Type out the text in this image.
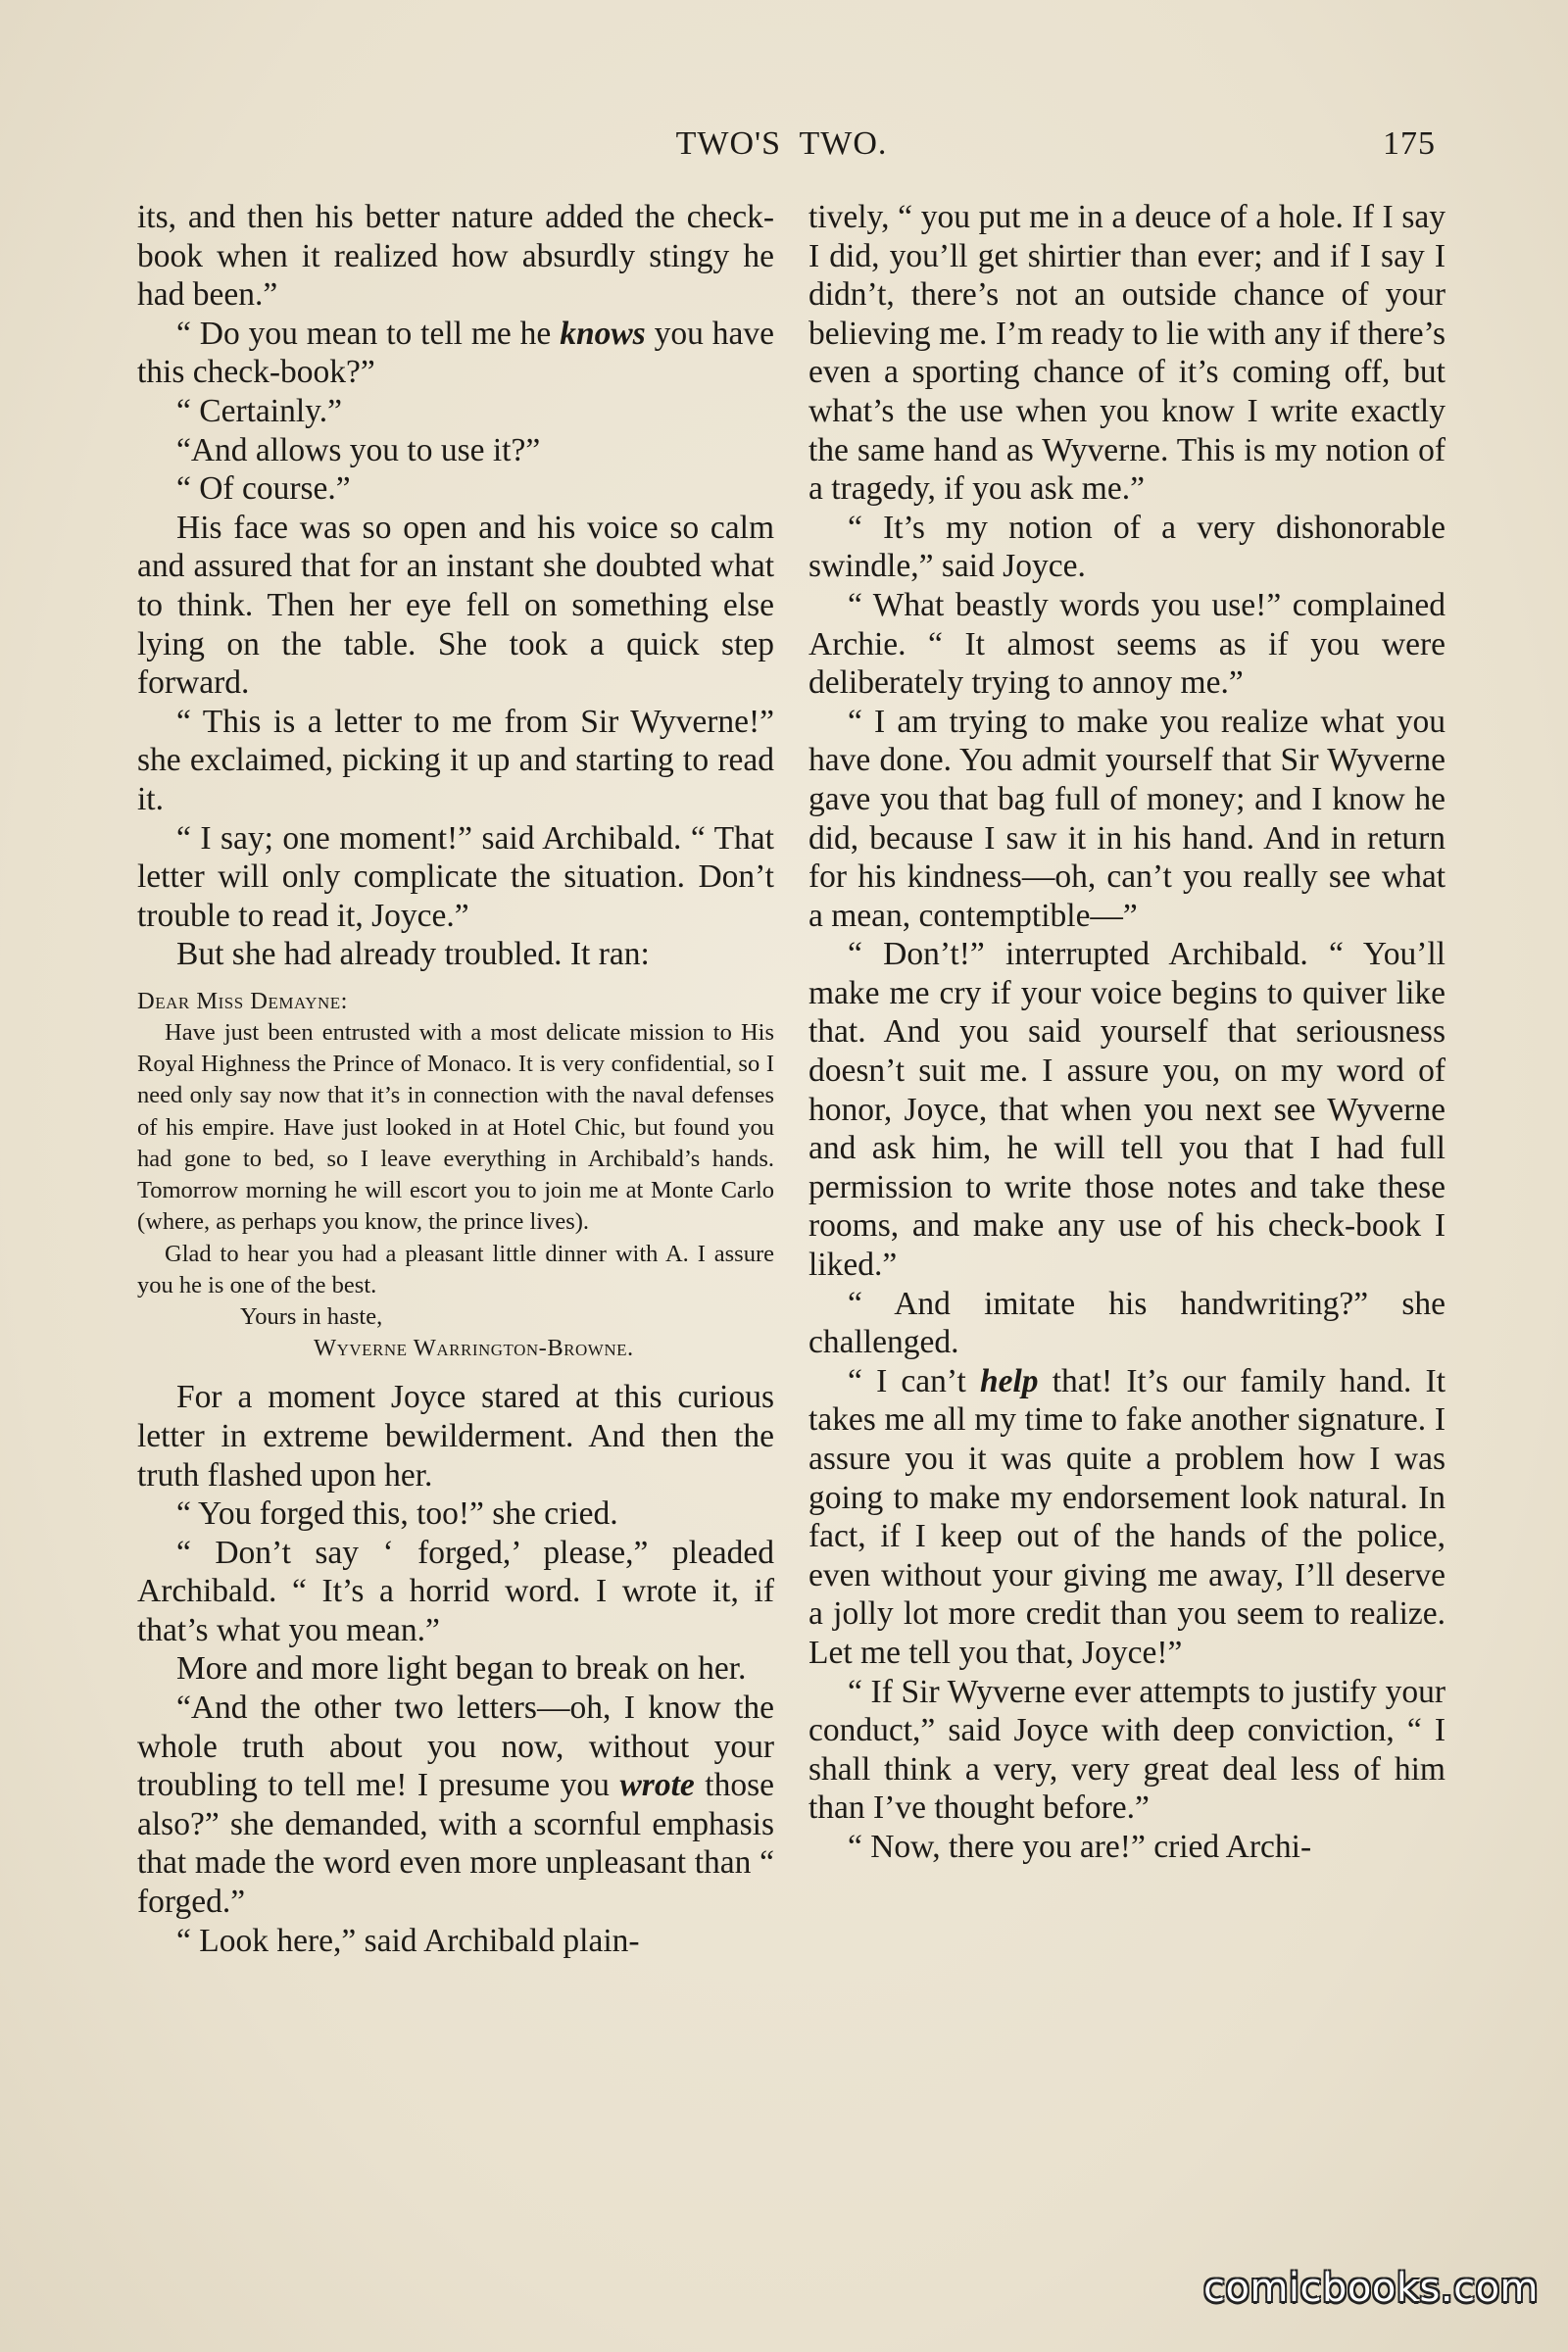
TWO'S  TWO.	175

its, and then his better nature added the check-book when it realized how absurdly stingy he had been.”

“ Do you mean to tell me he knows you have this check-book?”

“ Certainly.”

“And allows you to use it?”

“ Of course.”

His face was so open and his voice so calm and assured that for an instant she doubted what to think. Then her eye fell on something else lying on the table. She took a quick step forward.

“ This is a letter to me from Sir Wyverne!” she exclaimed, picking it up and starting to read it.

“ I say; one moment!” said Archibald. “ That letter will only complicate the situation. Don’t trouble to read it, Joyce.”

But she had already troubled. It ran:

Dear Miss Demayne:

Have just been entrusted with a most delicate mission to His Royal Highness the Prince of Monaco. It is very confidential, so I need only say now that it’s in connection with the naval defenses of his empire. Have just looked in at Hotel Chic, but found you had gone to bed, so I leave everything in Archibald’s hands. Tomorrow morning he will escort you to join me at Monte Carlo (where, as perhaps you know, the prince lives).

Glad to hear you had a pleasant little dinner with A. I assure you he is one of the best.

Yours in haste,

Wyverne Warrington-Browne.

For a moment Joyce stared at this curious letter in extreme bewilderment. And then the truth flashed upon her.

“ You forged this, too!” she cried.

“ Don’t say ‘ forged,’ please,” pleaded Archibald. “ It’s a horrid word. I wrote it, if that’s what you mean.”

More and more light began to break on her.

“And the other two letters—oh, I know the whole truth about you now, without your troubling to tell me! I presume you wrote those also?” she demanded, with a scornful emphasis that made the word even more unpleasant than “ forged.”

“ Look here,” said Archibald plain-

tively, “ you put me in a deuce of a hole. If I say I did, you’ll get shirtier than ever; and if I say I didn’t, there’s not an outside chance of your believing me. I’m ready to lie with any if there’s even a sporting chance of it’s coming off, but what’s the use when you know I write exactly the same hand as Wyverne. This is my notion of a tragedy, if you ask me.”

“ It’s my notion of a very dishonorable swindle,” said Joyce.

“ What beastly words you use!” complained Archie. “ It almost seems as if you were deliberately trying to annoy me.”

“ I am trying to make you realize what you have done. You admit yourself that Sir Wyverne gave you that bag full of money; and I know he did, because I saw it in his hand. And in return for his kindness—oh, can’t you really see what a mean, contemptible—”

“ Don’t!” interrupted Archibald. “ You’ll make me cry if your voice begins to quiver like that. And you said yourself that seriousness doesn’t suit me. I assure you, on my word of honor, Joyce, that when you next see Wyverne and ask him, he will tell you that I had full permission to write those notes and take these rooms, and make any use of his check-book I liked.”

“ And imitate his handwriting?” she challenged.

“ I can’t help that! It’s our family hand. It takes me all my time to fake another signature. I assure you it was quite a problem how I was going to make my endorsement look natural. In fact, if I keep out of the hands of the police, even without your giving me away, I’ll deserve a jolly lot more credit than you seem to realize. Let me tell you that, Joyce!”

“ If Sir Wyverne ever attempts to justify your conduct,” said Joyce with deep conviction, “ I shall think a very, very great deal less of him than I’ve thought before.”

“ Now, there you are!” cried Archi-

comicbooks.com
